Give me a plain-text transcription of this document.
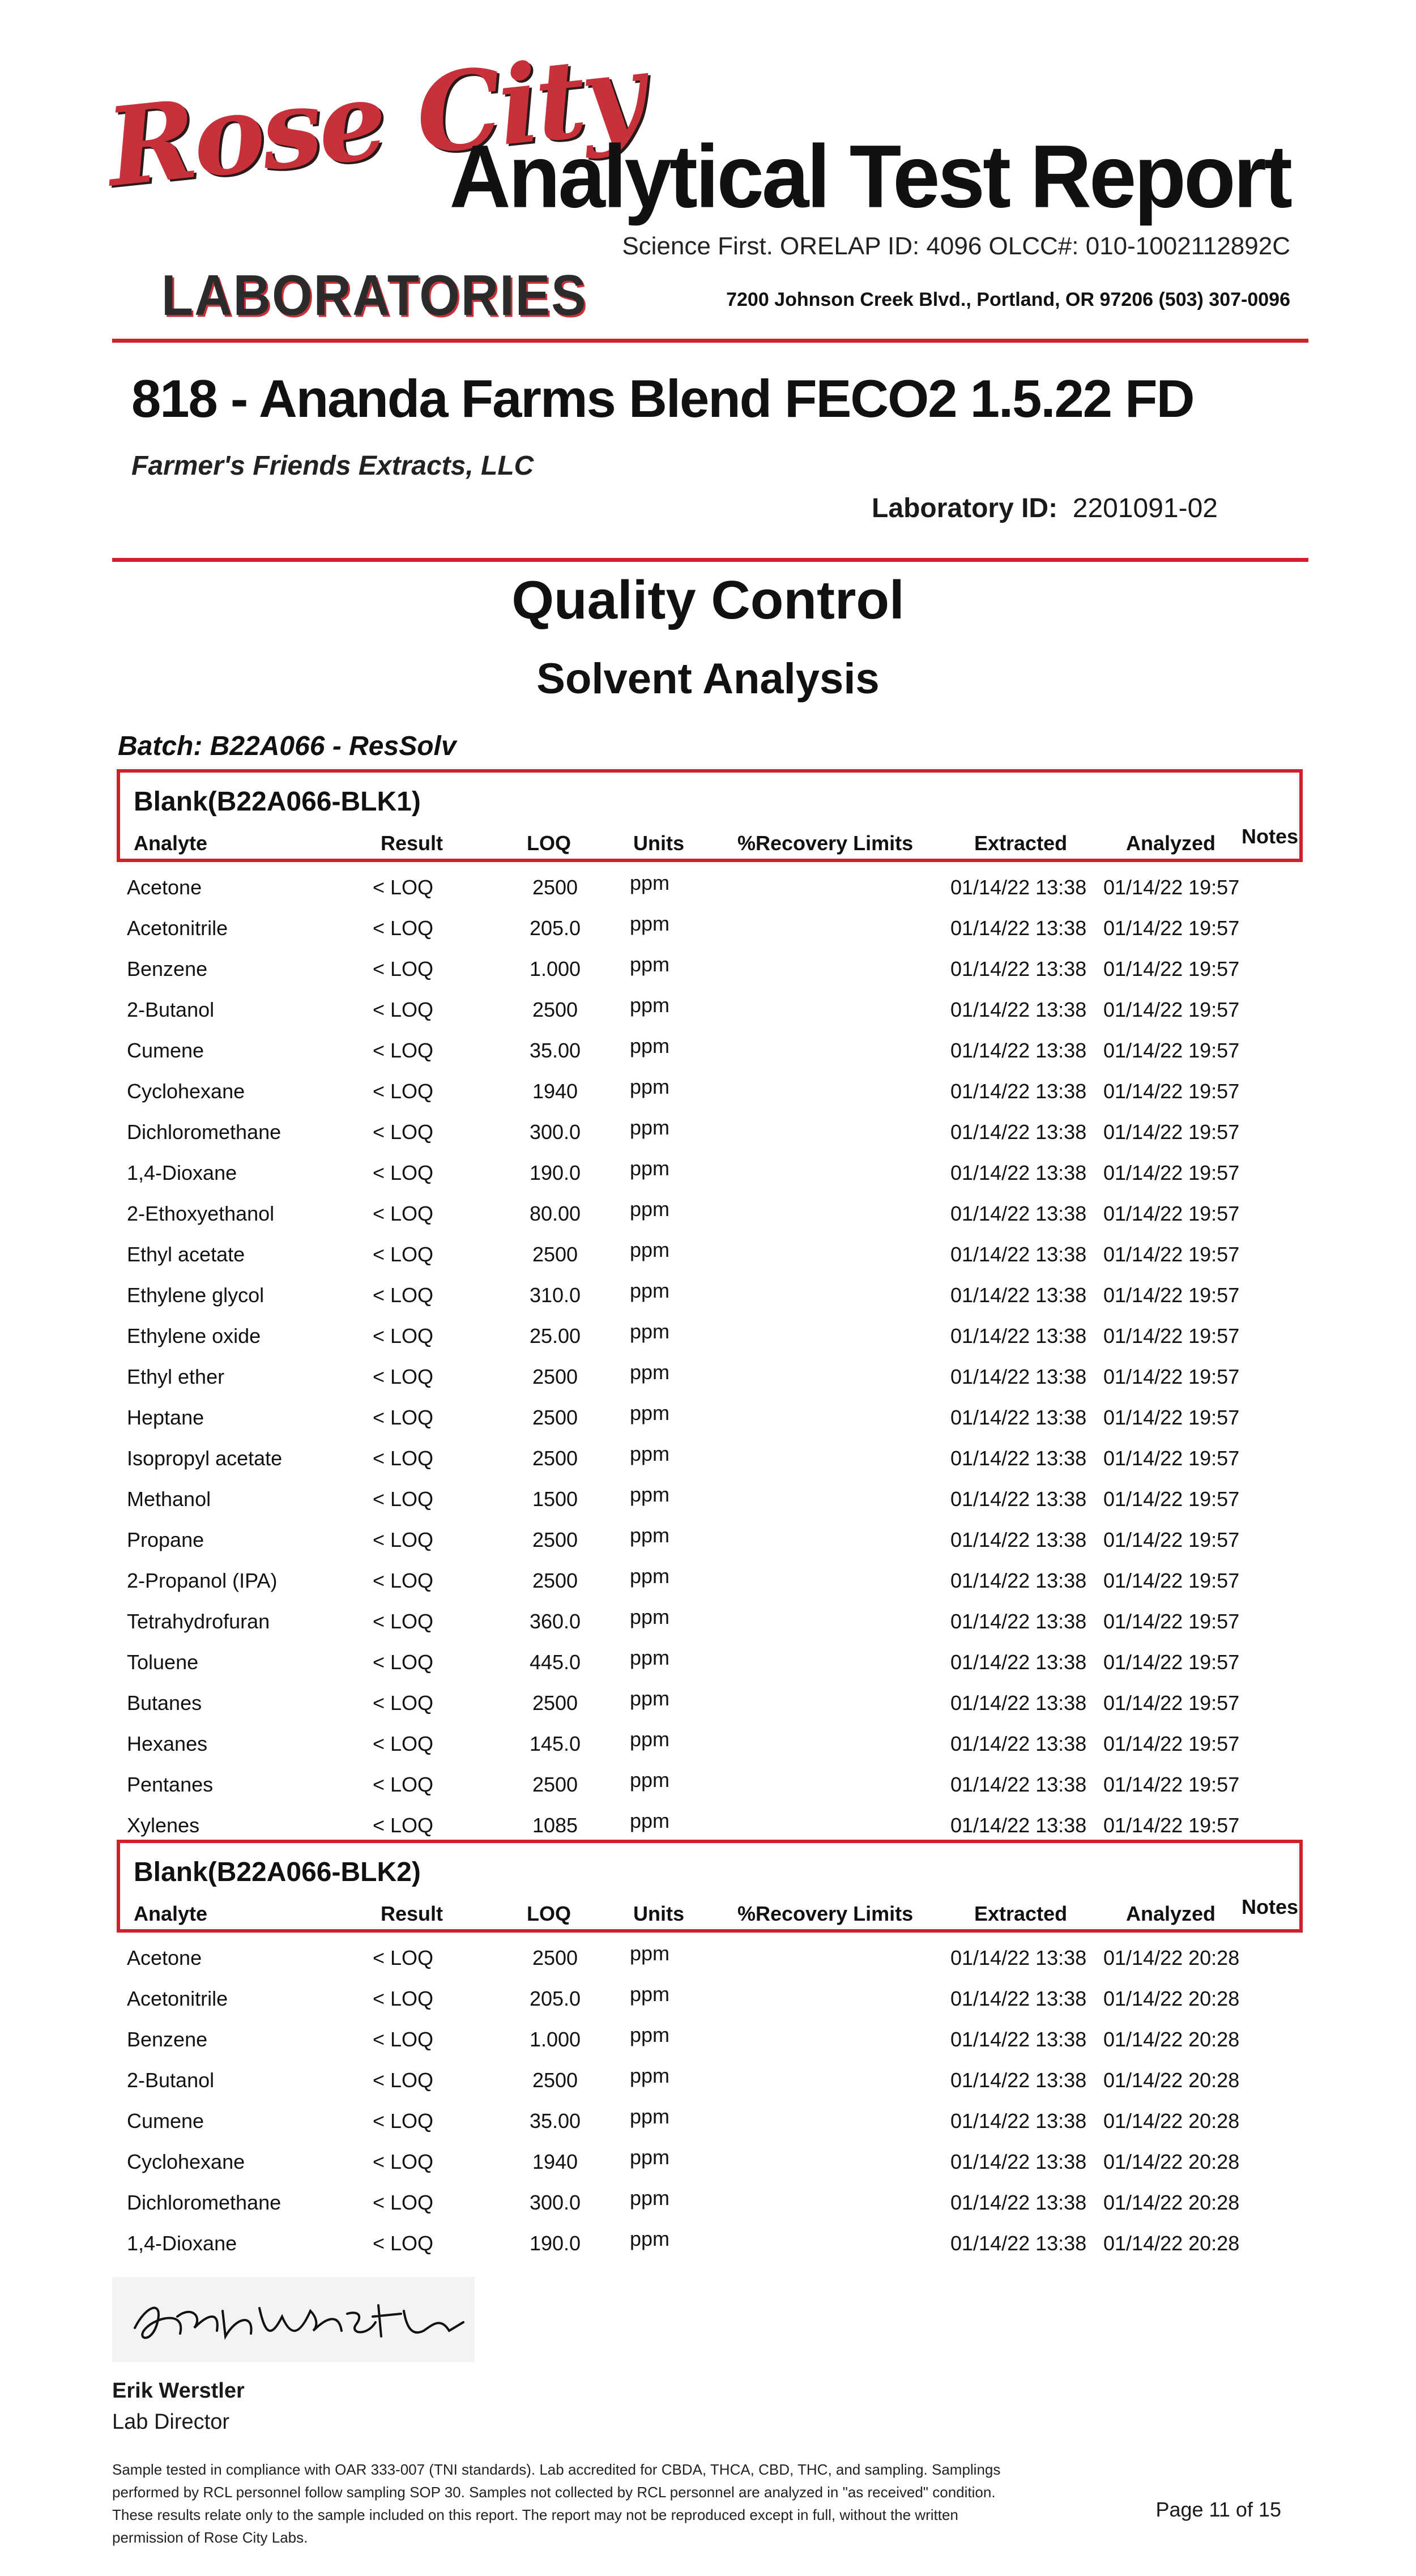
Rose City
LABORATORIES
Analytical Test Report
Science First. ORELAP ID: 4096 OLCC#: 010-1002112892C
7200 Johnson Creek Blvd., Portland, OR 97206 (503) 307-0096
818 - Ananda Farms Blend FECO2 1.5.22 FD
Farmer's Friends Extracts, LLC
Laboratory ID: 2201091-02
Quality Control
Solvent Analysis
Batch: B22A066 - ResSolv
Blank(B22A066-BLK1)
Analyte	Result	LOQ	Units	%Recovery Limits	Extracted	Analyzed Notes
Acetone	< LOQ	2500	ppm	01/14/22 13:38 01/14/22 19:57
Acetonitrile	< LOQ	205.0 ppm	01/14/22 13:38 01/14/22 19:57
Benzene	< LOQ	1.000 ppm	01/14/22 13:38 01/14/22 19:57
2-Butanol	< LOQ	2500	ppm	01/14/22 13:38 01/14/22 19:57
Cumene	< LOQ	35.00 ppm	01/14/22 13:38 01/14/22 19:57
Cyclohexane	< LOQ	1940	ppm	01/14/22 13:38 01/14/22 19:57
Dichloromethane	< LOQ	300.0 ppm	01/14/22 13:38 01/14/22 19:57
1,4-Dioxane	< LOQ	190.0 ppm	01/14/22 13:38 01/14/22 19:57
2-Ethoxyethanol	< LOQ	80.00 ppm	01/14/22 13:38 01/14/22 19:57
Ethyl acetate	< LOQ	2500	ppm	01/14/22 13:38 01/14/22 19:57
Ethylene glycol	< LOQ	310.0 ppm	01/14/22 13:38 01/14/22 19:57
Ethylene oxide	< LOQ	25.00 ppm	01/14/22 13:38 01/14/22 19:57
Ethyl ether	< LOQ	2500	ppm	01/14/22 13:38 01/14/22 19:57
Heptane	< LOQ	2500	ppm	01/14/22 13:38 01/14/22 19:57
Isopropyl acetate	< LOQ	2500	ppm	01/14/22 13:38 01/14/22 19:57
Methanol	< LOQ	1500	ppm	01/14/22 13:38 01/14/22 19:57
Propane	< LOQ	2500	ppm	01/14/22 13:38 01/14/22 19:57
2-Propanol (IPA)	< LOQ	2500	ppm	01/14/22 13:38 01/14/22 19:57
Tetrahydrofuran	< LOQ	360.0 ppm	01/14/22 13:38 01/14/22 19:57
Toluene	< LOQ	445.0 ppm	01/14/22 13:38 01/14/22 19:57
Butanes	< LOQ	2500	ppm	01/14/22 13:38 01/14/22 19:57
Hexanes	< LOQ	145.0 ppm	01/14/22 13:38 01/14/22 19:57
Pentanes	< LOQ	2500	ppm	01/14/22 13:38 01/14/22 19:57
Xylenes	< LOQ	1085	ppm	01/14/22 13:38 01/14/22 19:57
Blank(B22A066-BLK2)
Analyte	Result	LOQ	Units	%Recovery Limits	Extracted	Analyzed Notes
Acetone	< LOQ	2500	ppm	01/14/22 13:38 01/14/22 20:28
Acetonitrile	< LOQ	205.0 ppm	01/14/22 13:38 01/14/22 20:28
Benzene	< LOQ	1.000 ppm	01/14/22 13:38 01/14/22 20:28
2-Butanol	< LOQ	2500	ppm	01/14/22 13:38 01/14/22 20:28
Cumene	< LOQ	35.00 ppm	01/14/22 13:38 01/14/22 20:28
Cyclohexane	< LOQ	1940	ppm	01/14/22 13:38 01/14/22 20:28
Dichloromethane	< LOQ	300.0 ppm	01/14/22 13:38 01/14/22 20:28
1,4-Dioxane	< LOQ	190.0 ppm	01/14/22 13:38 01/14/22 20:28
Erik Werstler
Lab Director
Sample tested in compliance with OAR 333-007 (TNI standards). Lab accredited for CBDA, THCA, CBD, THC, and sampling. Samplings performed by RCL personnel follow sampling SOP 30. Samples not collected by RCL personnel are analyzed in "as received" condition. These results relate only to the sample included on this report. The report may not be reproduced except in full, without the written permission of Rose City Labs.
Page 11 of 15
